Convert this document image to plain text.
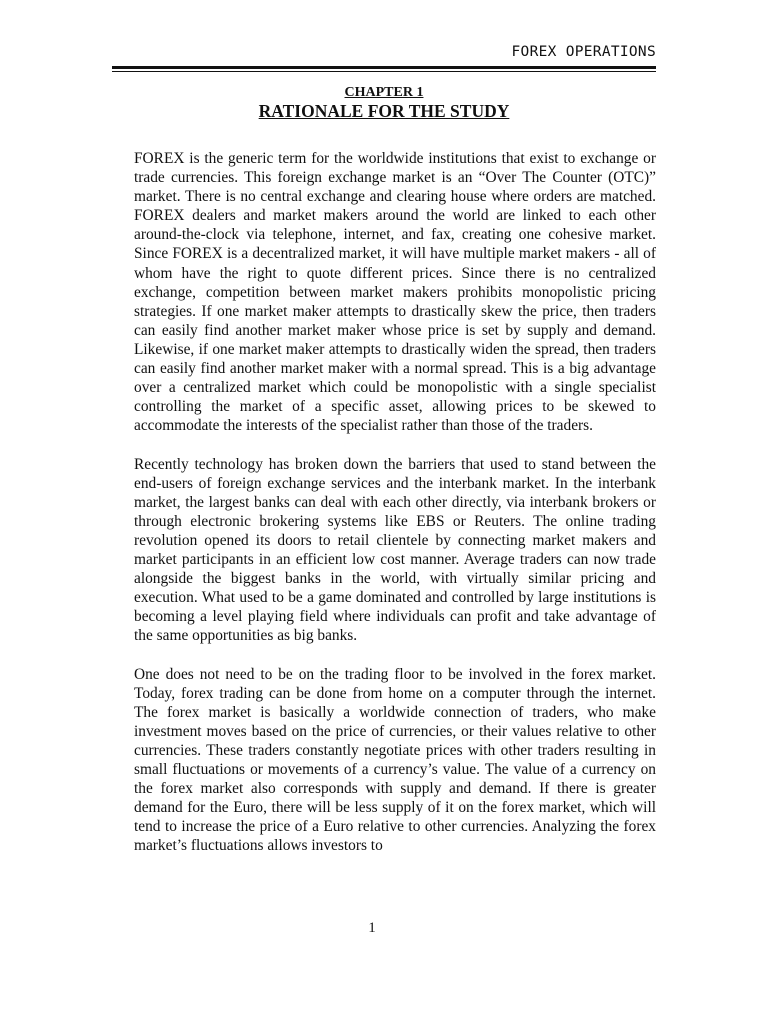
FOREX OPERATIONS
CHAPTER 1
RATIONALE FOR THE STUDY

FOREX is the generic term for the worldwide institutions that exist to exchange or trade currencies. This foreign exchange market is an “Over The Counter (OTC)” market. There is no central exchange and clearing house where orders are matched. FOREX dealers and market makers around the world are linked to each other around-the-clock via telephone, internet, and fax, creating one cohesive market. Since FOREX is a decentralized market, it will have multiple market makers - all of whom have the right to quote different prices. Since there is no centralized exchange, competition between market makers prohibits monopolistic pricing strategies. If one market maker attempts to drastically skew the price, then traders can easily find another market maker whose price is set by supply and demand. Likewise, if one market maker attempts to drastically widen the spread, then traders can easily find another market maker with a normal spread. This is a big advantage over a centralized market which could be monopolistic with a single specialist controlling the market of a specific asset, allowing prices to be skewed to accommodate the interests of the specialist rather than those of the traders.

Recently technology has broken down the barriers that used to stand between the end-users of foreign exchange services and the interbank market. In the interbank market, the largest banks can deal with each other directly, via interbank brokers or through electronic brokering systems like EBS or Reuters. The online trading revolution opened its doors to retail clientele by connecting market makers and market participants in an efficient low cost manner. Average traders can now trade alongside the biggest banks in the world, with virtually similar pricing and execution. What used to be a game dominated and controlled by large institutions is becoming a level playing field where individuals can profit and take advantage of the same opportunities as big banks.

One does not need to be on the trading floor to be involved in the forex market. Today, forex trading can be done from home on a computer through the internet. The forex market is basically a worldwide connection of traders, who make investment moves based on the price of currencies, or their values relative to other currencies. These traders constantly negotiate prices with other traders resulting in small fluctuations or movements of a currency’s value. The value of a currency on the forex market also corresponds with supply and demand. If there is greater demand for the Euro, there will be less supply of it on the forex market, which will tend to increase the price of a Euro relative to other currencies. Analyzing the forex market’s fluctuations allows investors to

1
